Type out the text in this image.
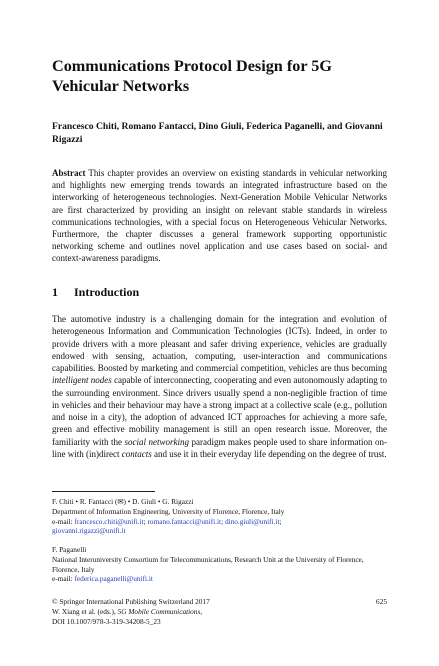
Communications Protocol Design for 5G Vehicular Networks

Francesco Chiti, Romano Fantacci, Dino Giuli, Federica Paganelli, and Giovanni Rigazzi

Abstract This chapter provides an overview on existing standards in vehicular networking and highlights new emerging trends towards an integrated infrastructure based on the interworking of heterogeneous technologies. Next-Generation Mobile Vehicular Networks are first characterized by providing an insight on relevant stable standards in wireless communications technologies, with a special focus on Heterogeneous Vehicular Networks. Furthermore, the chapter discusses a general framework supporting opportunistic networking scheme and outlines novel application and use cases based on social- and context-awareness paradigms.

1 Introduction

The automotive industry is a challenging domain for the integration and evolution of heterogeneous Information and Communication Technologies (ICTs). Indeed, in order to provide drivers with a more pleasant and safer driving experience, vehicles are gradually endowed with sensing, actuation, computing, user-interaction and communications capabilities. Boosted by marketing and commercial competition, vehicles are thus becoming intelligent nodes capable of interconnecting, cooperating and even autonomously adapting to the surrounding environment. Since drivers usually spend a non-negligible fraction of time in vehicles and their behaviour may have a strong impact at a collective scale (e.g., pollution and noise in a city), the adoption of advanced ICT approaches for achieving a more safe, green and effective mobility management is still an open research issue. Moreover, the familiarity with the social networking paradigm makes people used to share information on-line with (in)direct contacts and use it in their everyday life depending on the degree of trust.

F. Chiti • R. Fantacci (✉) • D. Giuli • G. Rigazzi
Department of Information Engineering, University of Florence, Florence, Italy
e-mail: francesco.chiti@unifi.it; romano.fantacci@unifi.it; dino.giuli@unifi.it;
giovanni.rigazzi@unifi.it
F. Paganelli
National Interuniversity Consortium for Telecommunications, Research Unit at the University of Florence, Florence, Italy
e-mail: federica.paganelli@unifi.it
© Springer International Publishing Switzerland 2017
W. Xiang et al. (eds.), 5G Mobile Communications,
DOI 10.1007/978-3-319-34208-5_23
625
